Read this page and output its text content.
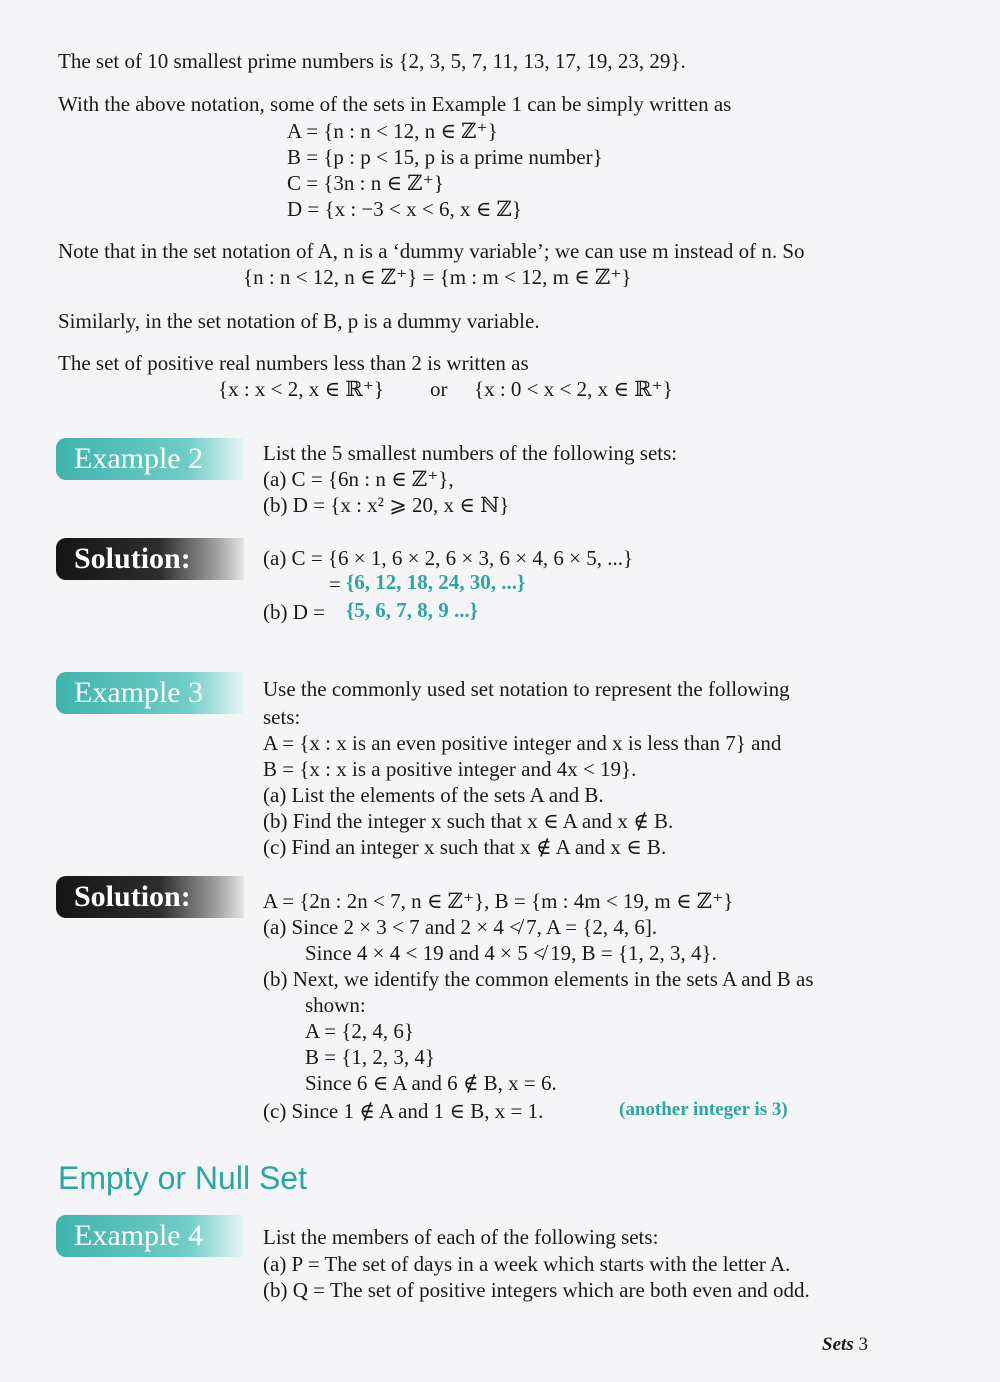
The set of 10 smallest prime numbers is {2, 3, 5, 7, 11, 13, 17, 19, 23, 29}.
With the above notation, some of the sets in Example 1 can be simply written as
A = {n : n < 12, n ∈ ℤ⁺}
B = {p : p < 15, p is a prime number}
C = {3n : n ∈ ℤ⁺}
D = {x : −3 < x < 6, x ∈ ℤ}
Note that in the set notation of A, n is a ‘dummy variable’; we can use m instead of n. So
{n : n < 12, n ∈ ℤ⁺} = {m : m < 12, m ∈ ℤ⁺}
Similarly, in the set notation of B, p is a dummy variable.
The set of positive real numbers less than 2 is written as
{x : x < 2, x ∈ ℝ⁺} or {x : 0 < x < 2, x ∈ ℝ⁺}
Example 2	List the 5 smallest numbers of the following sets:
(a) C = {6n : n ∈ ℤ⁺},
(b) D = {x : x² ⩾ 20, x ∈ ℕ}
Solution:	(a) C = {6 × 1, 6 × 2, 6 × 3, 6 × 4, 6 × 5, ...}
= {6, 12, 18, 24, 30, ...}
(b) D = {5, 6, 7, 8, 9 ...}
Example 3	Use the commonly used set notation to represent the following
sets:
A = {x : x is an even positive integer and x is less than 7} and
B = {x : x is a positive integer and 4x < 19}.
(a) List the elements of the sets A and B.
(b) Find the integer x such that x ∈ A and x ∉ B.
(c) Find an integer x such that x ∉ A and x ∈ B.
Solution:	A = {2n : 2n < 7, n ∈ ℤ⁺}, B = {m : 4m < 19, m ∈ ℤ⁺}
(a) Since 2 × 3 < 7 and 2 × 4 ≮ 7, A = {2, 4, 6].
Since 4 × 4 < 19 and 4 × 5 ≮ 19, B = {1, 2, 3, 4}.
(b) Next, we identify the common elements in the sets A and B as
shown:
A = {2, 4, 6}
B = {1, 2, 3, 4}
Since 6 ∈ A and 6 ∉ B, x = 6.
(c) Since 1 ∉ A and 1 ∈ B, x = 1.	(another integer is 3)
Empty or Null Set
Example 4	List the members of each of the following sets:
(a) P = The set of days in a week which starts with the letter A.
(b) Q = The set of positive integers which are both even and odd.
Sets 3
